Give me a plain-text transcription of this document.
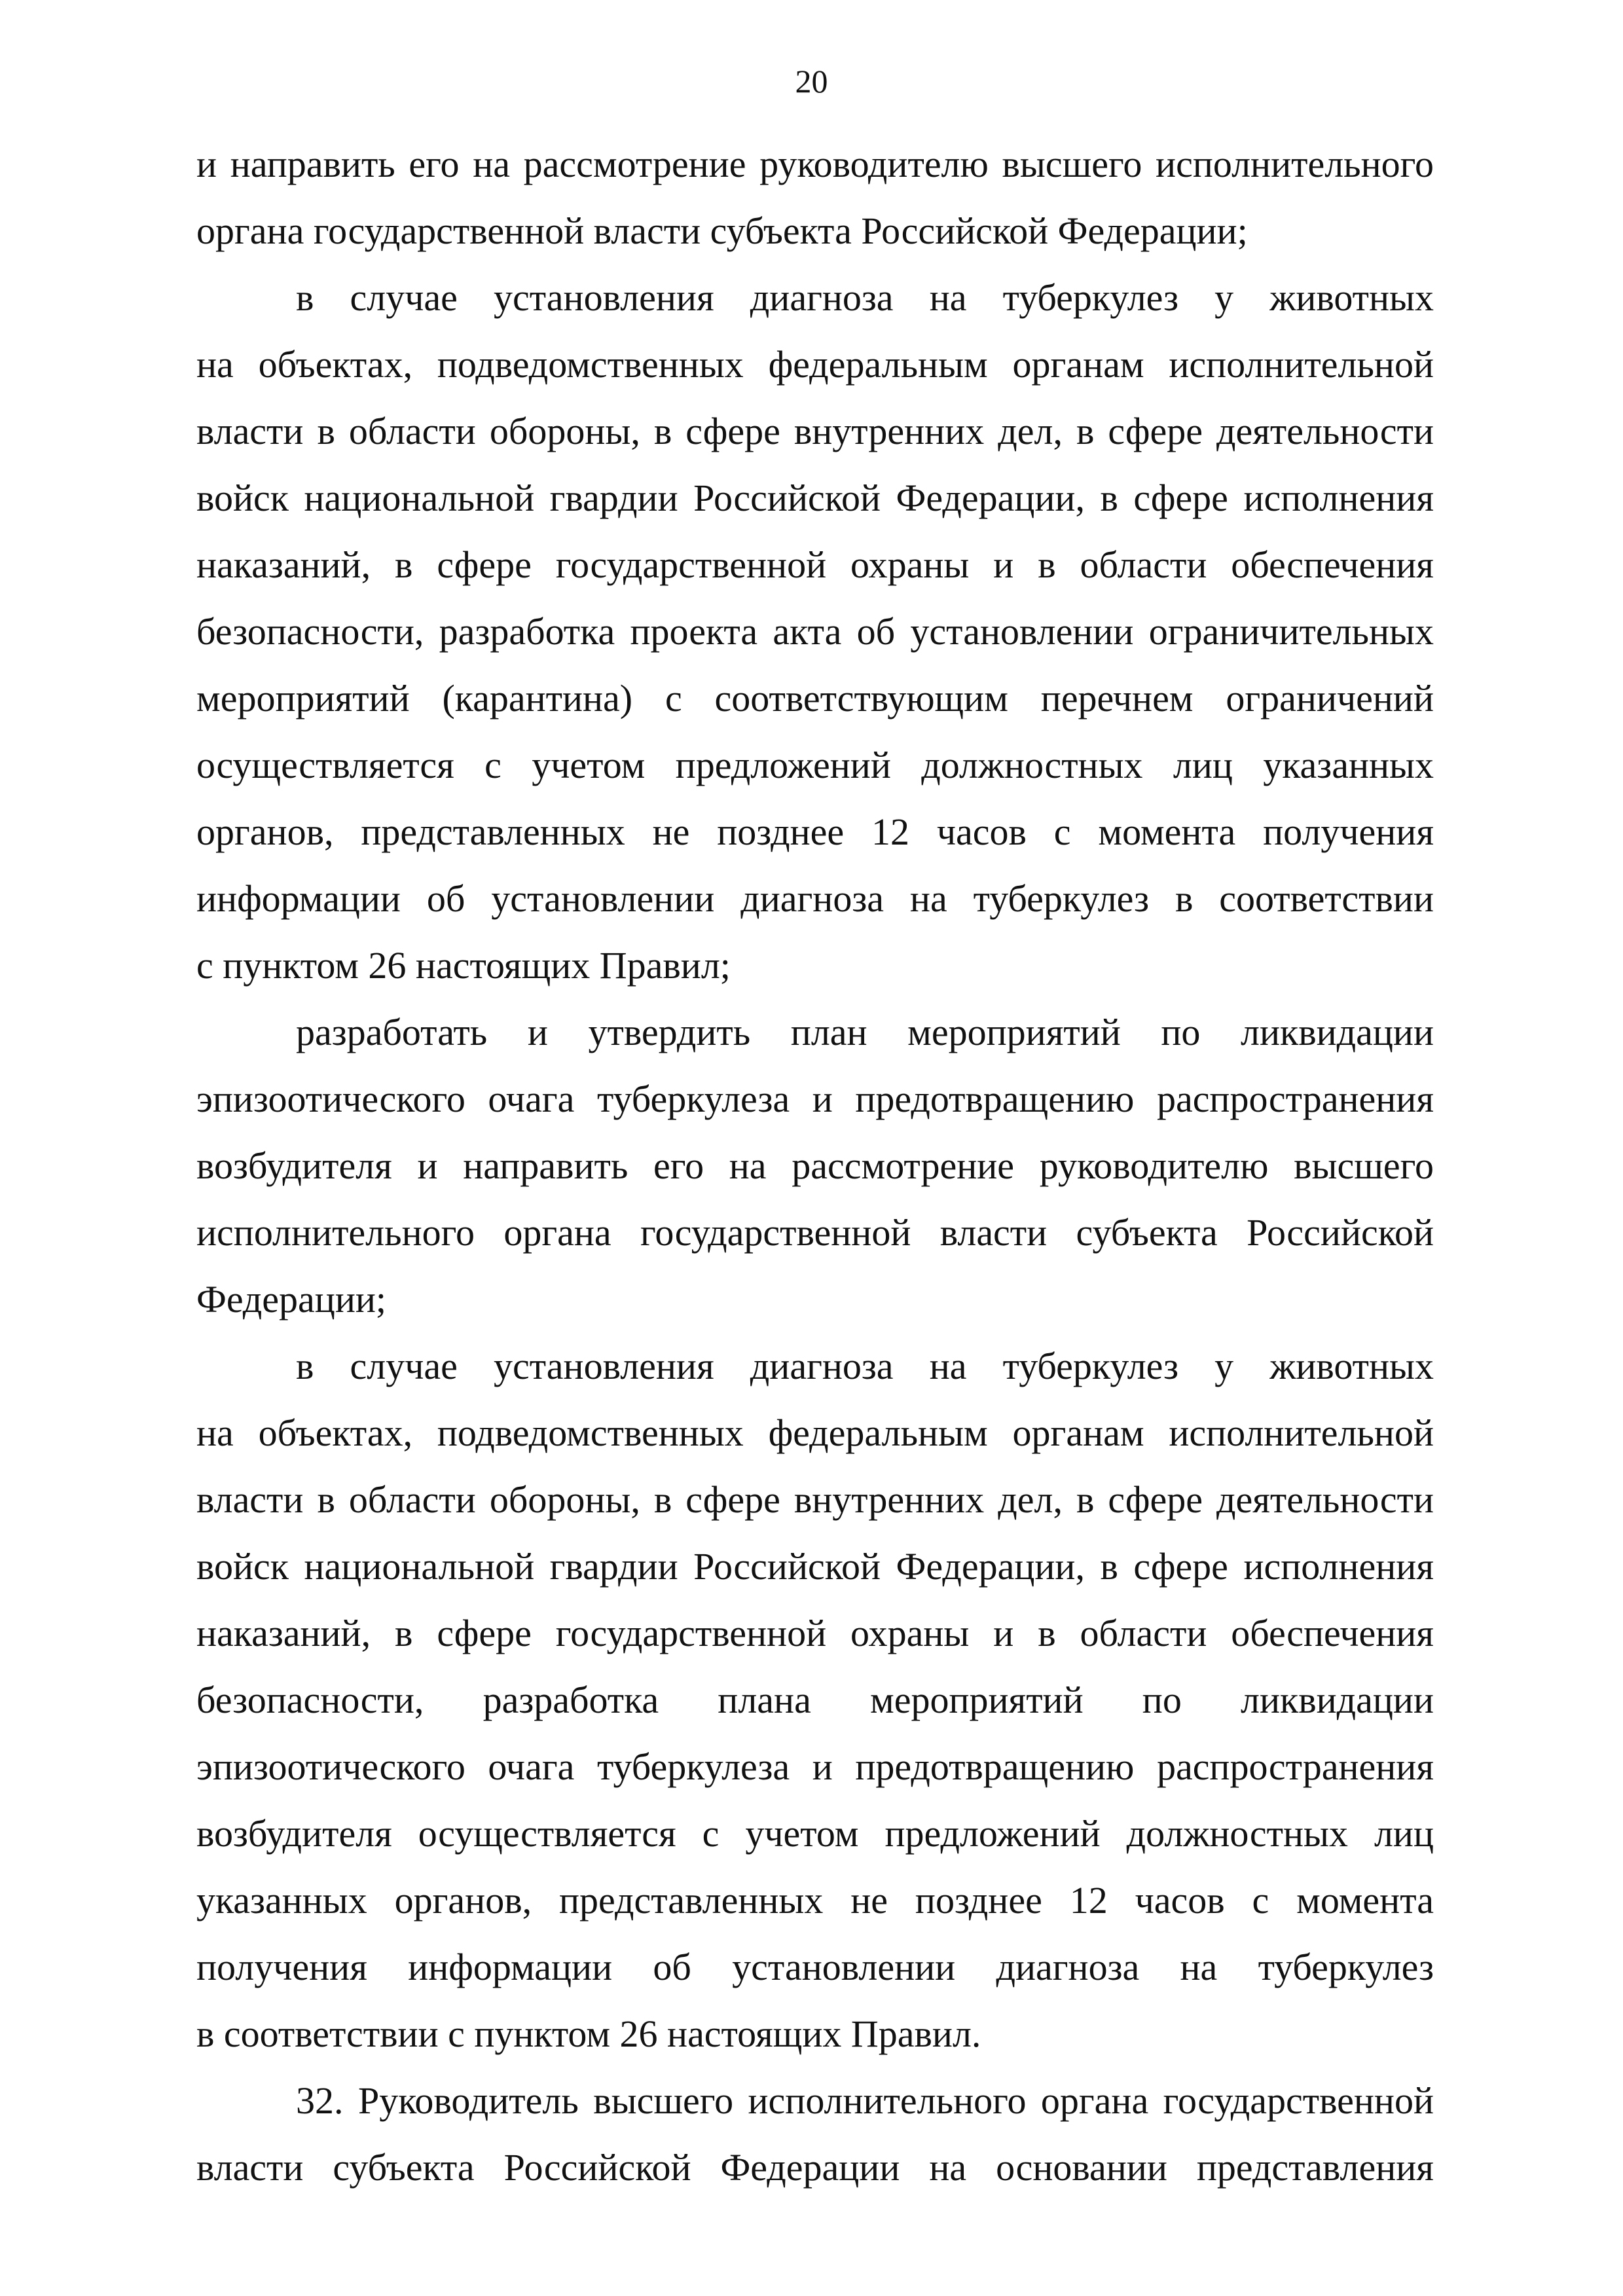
20
и направить его на рассмотрение руководителю высшего исполнительного
органа государственной власти субъекта Российской Федерации;
в случае установления диагноза на туберкулез у животных
на объектах, подведомственных федеральным органам исполнительной
власти в области обороны, в сфере внутренних дел, в сфере деятельности
войск национальной гвардии Российской Федерации, в сфере исполнения
наказаний, в сфере государственной охраны и в области обеспечения
безопасности, разработка проекта акта об установлении ограничительных
мероприятий (карантина) с соответствующим перечнем ограничений
осуществляется с учетом предложений должностных лиц указанных
органов, представленных не позднее 12 часов с момента получения
информации об установлении диагноза на туберкулез в соответствии
с пунктом 26 настоящих Правил;
разработать и утвердить план мероприятий по ликвидации
эпизоотического очага туберкулеза и предотвращению распространения
возбудителя и направить его на рассмотрение руководителю высшего
исполнительного органа государственной власти субъекта Российской
Федерации;
в случае установления диагноза на туберкулез у животных
на объектах, подведомственных федеральным органам исполнительной
власти в области обороны, в сфере внутренних дел, в сфере деятельности
войск национальной гвардии Российской Федерации, в сфере исполнения
наказаний, в сфере государственной охраны и в области обеспечения
безопасности, разработка плана мероприятий по ликвидации
эпизоотического очага туберкулеза и предотвращению распространения
возбудителя осуществляется с учетом предложений должностных лиц
указанных органов, представленных не позднее 12 часов с момента
получения информации об установлении диагноза на туберкулез
в соответствии с пунктом 26 настоящих Правил.
32. Руководитель высшего исполнительного органа государственной
власти субъекта Российской Федерации на основании представления
